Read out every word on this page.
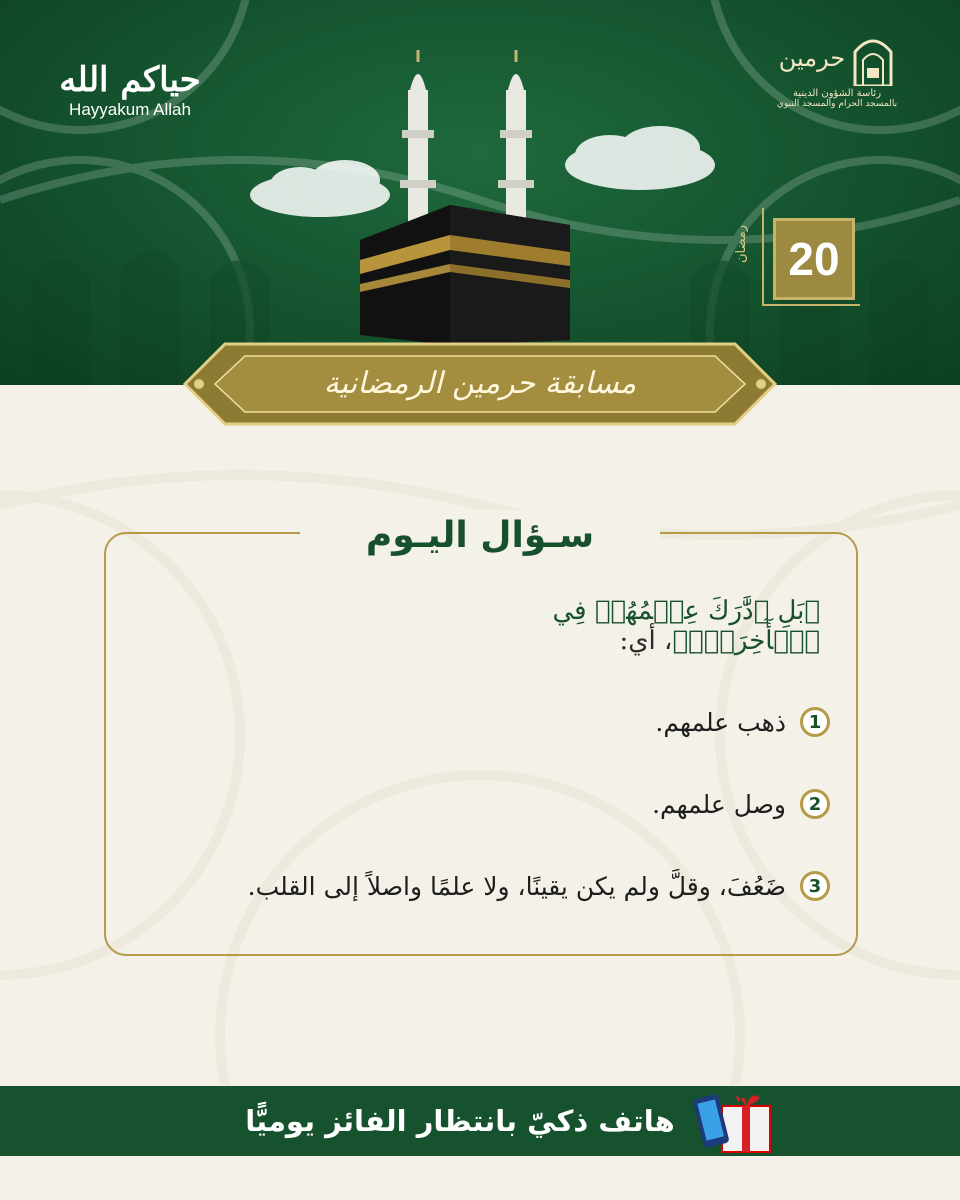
حياكم الله
Hayyakum Allah
حرمين
رئاسة الشؤون الدينية
بالمسجد الحرام والمسجد النبوي
رمضان 20
مسابقة حرمين الرمضانية
سـؤال اليـوم
﴿بَلِ ٱدَّٰرَكَ عِلۡمُهُمۡ فِي ٱلۡأٓخِرَةِۚ﴾، أي:
1
ذهب علمهم.
2
وصل علمهم.
3
ضَعُفَ، وقلَّ ولم يكن يقينًا، ولا علمًا واصلاً إلى القلب.
هاتف ذكيّ بانتظار الفائز يوميًّا
